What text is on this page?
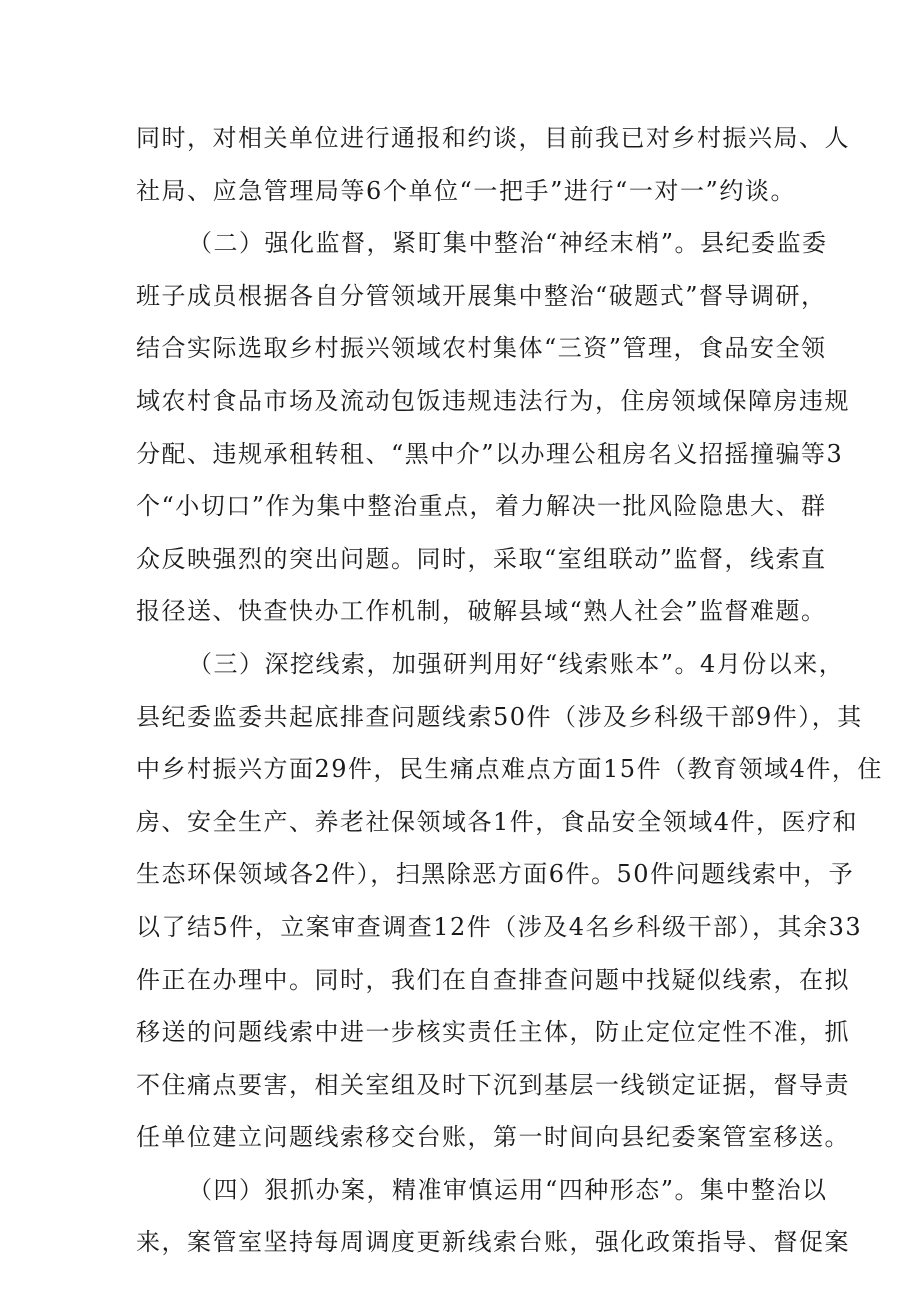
同时，对相关单位进行通报和约谈，目前我已对乡村振兴局、人
社局、应急管理局等6个单位“一把手”进行“一对一”约谈。
（二）强化监督，紧盯集中整治“神经末梢”。县纪委监委
班子成员根据各自分管领域开展集中整治“破题式”督导调研，
结合实际选取乡村振兴领域农村集体“三资”管理，食品安全领
域农村食品市场及流动包饭违规违法行为，住房领域保障房违规
分配、违规承租转租、“黑中介”以办理公租房名义招摇撞骗等3
个“小切口”作为集中整治重点，着力解决一批风险隐患大、群
众反映强烈的突出问题。同时，采取“室组联动”监督，线索直
报径送、快查快办工作机制，破解县域“熟人社会”监督难题。
（三）深挖线索，加强研判用好“线索账本”。4月份以来，
县纪委监委共起底排查问题线索50件（涉及乡科级干部9件），其
中乡村振兴方面29件，民生痛点难点方面15件（教育领域4件，住
房、安全生产、养老社保领域各1件，食品安全领域4件，医疗和
生态环保领域各2件），扫黑除恶方面6件。50件问题线索中，予
以了结5件，立案审查调查12件（涉及4名乡科级干部），其余33
件正在办理中。同时，我们在自查排查问题中找疑似线索，在拟
移送的问题线索中进一步核实责任主体，防止定位定性不准，抓
不住痛点要害，相关室组及时下沉到基层一线锁定证据，督导责
任单位建立问题线索移交台账，第一时间向县纪委案管室移送。
（四）狠抓办案，精准审慎运用“四种形态”。集中整治以
来，案管室坚持每周调度更新线索台账，强化政策指导、督促案
